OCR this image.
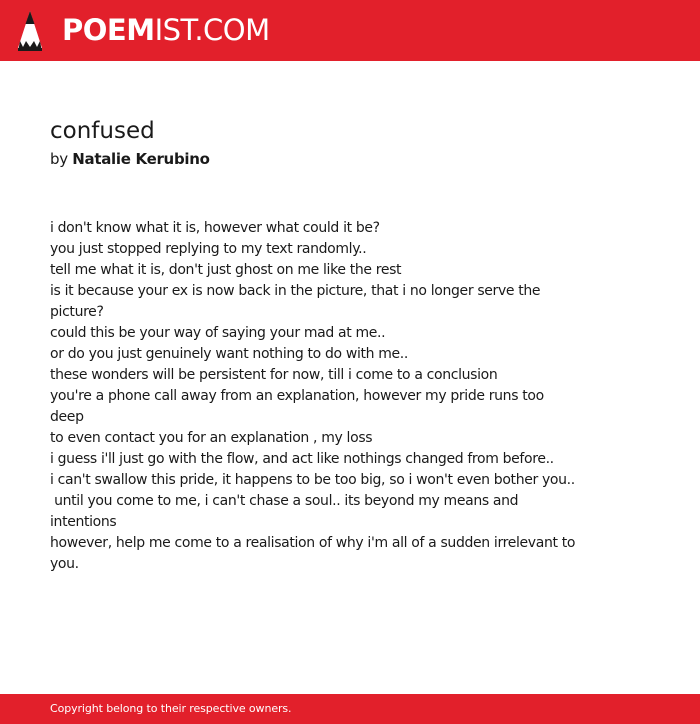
POEMIST.COM
confused
by Natalie Kerubino
i don't know what it is, however what could it be?
you just stopped replying to my text randomly..
tell me what it is, don't just ghost on me like the rest
is it because your ex is now back in the picture, that i no longer serve the picture?
could this be your way of saying your mad at me..
or do you just genuinely want nothing to do with me..
these wonders will be persistent for now, till i come to a conclusion
you're a phone call away from an explanation, however my pride runs too deep
to even contact you for an explanation , my loss
i guess i'll just go with the flow, and act like nothings changed from before..
i can't swallow this pride, it happens to be too big, so i won't even bother you..
until you come to me, i can't chase a soul.. its beyond my means and intentions
however, help me come to a realisation of why i'm all of a sudden irrelevant to you.
Copyright belong to their respective owners.
